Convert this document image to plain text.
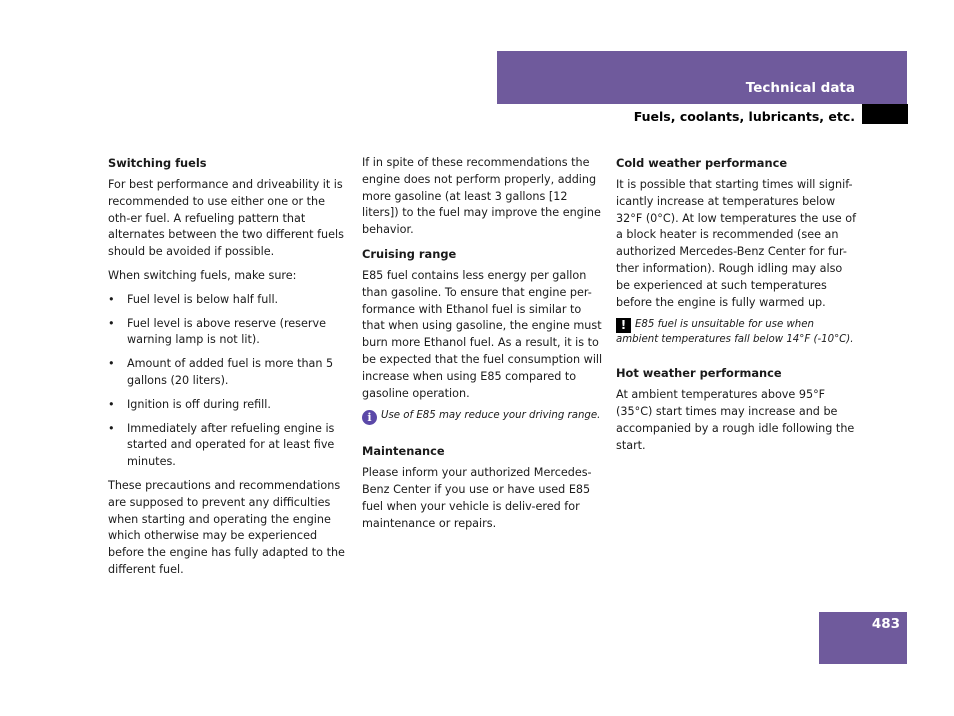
Technical data
Fuels, coolants, lubricants, etc.
Switching fuels

For best performance and driveability it is recommended to use either one or the oth-er fuel. A refueling pattern that alternates between the two different fuels should be avoided if possible.

When switching fuels, make sure:

• Fuel level is below half full.
• Fuel level is above reserve (reserve warning lamp is not lit).
• Amount of added fuel is more than 5 gallons (20 liters).
• Ignition is off during refill.
• Immediately after refueling engine is started and operated for at least five minutes.

These precautions and recommendations are supposed to prevent any difficulties when starting and operating the engine which otherwise may be experienced before the engine has fully adapted to the different fuel.

If in spite of these recommendations the engine does not perform properly, adding more gasoline (at least 3 gallons [12 liters]) to the fuel may improve the engine behavior.

Cruising range

E85 fuel contains less energy per gallon than gasoline. To ensure that engine per-formance with Ethanol fuel is similar to that when using gasoline, the engine must burn more Ethanol fuel. As a result, it is to be expected that the fuel consumption will increase when using E85 compared to gasoline operation.

i Use of E85 may reduce your driving range.

Maintenance

Please inform your authorized Mercedes-Benz Center if you use or have used E85 fuel when your vehicle is deliv-ered for maintenance or repairs.

Cold weather performance

It is possible that starting times will signif-icantly increase at temperatures below 32°F (0°C). At low temperatures the use of a block heater is recommended (see an authorized Mercedes-Benz Center for fur-ther information). Rough idling may also be experienced at such temperatures before the engine is fully warmed up.

! E85 fuel is unsuitable for use when ambient temperatures fall below 14°F (-10°C).

Hot weather performance

At ambient temperatures above 95°F (35°C) start times may increase and be accompanied by a rough idle following the start.

483
